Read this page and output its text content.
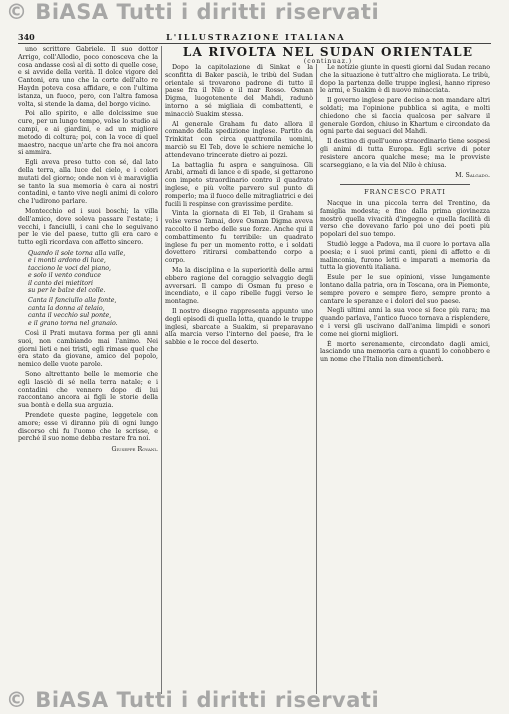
© BiASA Tutti i diritti riservati
340	L'ILLUSTRAZIONE ITALIANA

uno scrittore Gabriele. Il suo dottor Arrigo, coll'Allodio, poco conosceva che la cosa andasse così al di sotto di quelle cose, e si avvide della verità. Il dolce vigore del Cantoni, era uno che la corte dell'alto re Haydn poteva cosa affidare, e con l'ultima istanza, un fuoco, pero, con l'altra famosa volta, si stende la dama, del borgo vicino.

Poi allo spirito, e alle dolcissime sue cure, per un lungo tempo, volse lo studio ai campi, e ai giardini, e ad un migliore metodo di coltura; poi, con la voce di quel maestro, nacque un'arte che fra noi ancora si ammira.

Egli aveva preso tutto con sé, dal lato della terra, alla luce del cielo, e i colori mutati del giorno; onde non vi è maraviglia se tanto la sua memoria è cara ai nostri contadini, e tanto vive negli animi di coloro che l'udirono parlare.

Montecchio ed i suoi boschi; la villa dell'amico, dove soleva passare l'estate; i vecchi, i fanciulli, i cani che lo seguivano per le vie del paese, tutto gli era caro e tutto egli ricordava con affetto sincero.

Quando il sole torna alla valle,
e i monti ardono di luce,
tacciono le voci del piano,
e solo il vento conduce
il canto dei mietitori
su per le balze del colle.
Canta il fanciullo alla fonte,
canta la donna al telaio,
canta il vecchio sul ponte,
e il grano torna nel granaio.

Così il Prati mutava forma per gli anni suoi, non cambiando mai l'animo. Nei giorni lieti e nei tristi, egli rimase quel che era stato da giovane, amico del popolo, nemico delle vuote parole.

Sono altrettanto belle le memorie che egli lasciò di sé nella terra natale; e i contadini che vennero dopo di lui raccontano ancora ai figli le storie della sua bontà e della sua arguzia.

Prendete queste pagine, leggetele con amore; esse vi diranno più di ogni lungo discorso chi fu l'uomo che le scrisse, e perché il suo nome debba restare fra noi.

Giuseppe Rovani.
LA RIVOLTA NEL SUDAN ORIENTALE
(continuaz.)

Dopo la capitolazione di Sinkat e la sconfitta di Baker pascià, le tribù del Sudan orientale si trovarono padrone di tutto il paese fra il Nilo e il mar Rosso. Osman Digma, luogotenente del Mahdi, radunò intorno a sé migliaia di combattenti, e minacciò Suakim stessa.

Al generale Graham fu dato allora il comando della spedizione inglese. Partito da Trinkitat con circa quattromila uomini, marciò su El Teb, dove le schiere nemiche lo attendevano trincerate dietro ai pozzi.

La battaglia fu aspra e sanguinosa. Gli Arabi, armati di lance e di spade, si gettarono con impeto straordinario contro il quadrato inglese, e più volte parvero sul punto di romperlo; ma il fuoco delle mitragliatrici e dei fucili li respinse con gravissime perdite.

Vinta la giornata di El Teb, il Graham si volse verso Tamai, dove Osman Digma aveva raccolto il nerbo delle sue forze. Anche qui il combattimento fu terribile: un quadrato inglese fu per un momento rotto, e i soldati dovettero ritirarsi combattendo corpo a corpo.

Ma la disciplina e la superiorità delle armi ebbero ragione del coraggio selvaggio degli avversari. Il campo di Osman fu preso e incendiato, e il capo ribelle fuggì verso le montagne.

Il nostro disegno rappresenta appunto uno degli episodi di quella lotta, quando le truppe inglesi, sbarcate a Suakim, si preparavano alla marcia verso l'interno del paese, fra le sabbie e le rocce del deserto.

Le notizie giunte in questi giorni dal Sudan recano che la situazione è tutt'altro che migliorata. Le tribù, dopo la partenza delle truppe inglesi, hanno ripreso le armi, e Suakim è di nuovo minacciata.

Il governo inglese pare deciso a non mandare altri soldati; ma l'opinione pubblica si agita, e molti chiedono che si faccia qualcosa per salvare il generale Gordon, chiuso in Khartum e circondato da ogni parte dai seguaci del Mahdi.

Il destino di quell'uomo straordinario tiene sospesi gli animi di tutta Europa. Egli scrive di poter resistere ancora qualche mese; ma le provviste scarseggiano, e la via del Nilo è chiusa.

M. Salgado.
FRANCESCO PRATI

Nacque in una piccola terra del Trentino, da famiglia modesta; e fino dalla prima giovinezza mostrò quella vivacità d'ingegno e quella facilità di verso che dovevano farlo poi uno dei poeti più popolari del suo tempo.

Studiò legge a Padova, ma il cuore lo portava alla poesia; e i suoi primi canti, pieni di affetto e di malinconia, furono letti e imparati a memoria da tutta la gioventù italiana.

Esule per le sue opinioni, visse lungamente lontano dalla patria, ora in Toscana, ora in Piemonte, sempre povero e sempre fiero, sempre pronto a cantare le speranze e i dolori del suo paese.

Negli ultimi anni la sua voce si fece più rara; ma quando parlava, l'antico fuoco tornava a risplendere, e i versi gli uscivano dall'anima limpidi e sonori come nei giorni migliori.

È morto serenamente, circondato dagli amici, lasciando una memoria cara a quanti lo conobbero e un nome che l'Italia non dimenticherà.

© BiASA Tutti i diritti riservati
